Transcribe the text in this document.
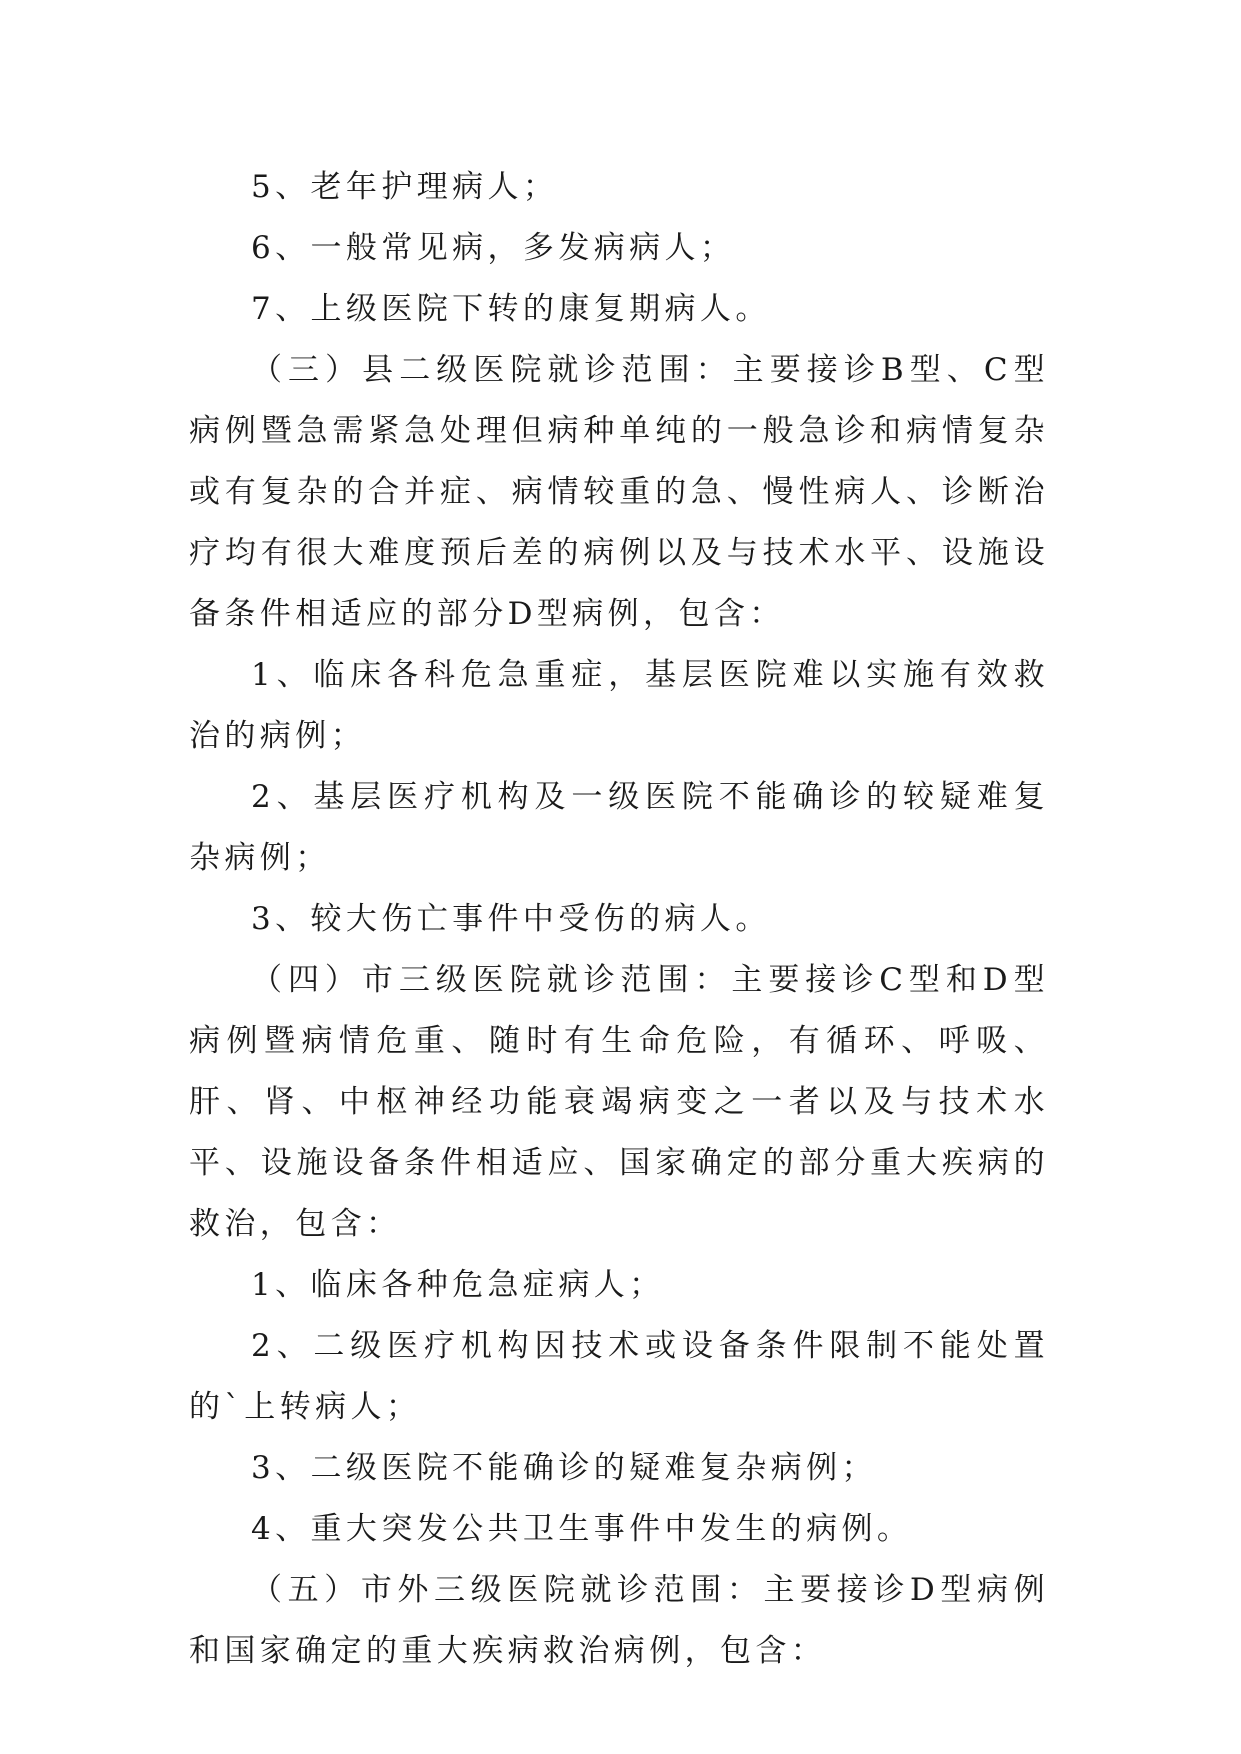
5、老年护理病人；

6、一般常见病，多发病病人；

7、上级医院下转的康复期病人。

（三）县二级医院就诊范围：主要接诊B型、C型病例暨急需紧急处理但病种单纯的一般急诊和病情复杂或有复杂的合并症、病情较重的急、慢性病人、诊断治疗均有很大难度预后差的病例以及与技术水平、设施设备条件相适应的部分D型病例，包含：

1、临床各科危急重症，基层医院难以实施有效救治的病例；

2、基层医疗机构及一级医院不能确诊的较疑难复杂病例；

3、较大伤亡事件中受伤的病人。

（四）市三级医院就诊范围：主要接诊C型和D型病例暨病情危重、随时有生命危险，有循环、呼吸、肝、肾、中枢神经功能衰竭病变之一者以及与技术水平、设施设备条件相适应、国家确定的部分重大疾病的救治，包含：

1、临床各种危急症病人；

2、二级医疗机构因技术或设备条件限制不能处置的`上转病人；

3、二级医院不能确诊的疑难复杂病例；

4、重大突发公共卫生事件中发生的病例。

（五）市外三级医院就诊范围：主要接诊D型病例和国家确定的重大疾病救治病例，包含：
